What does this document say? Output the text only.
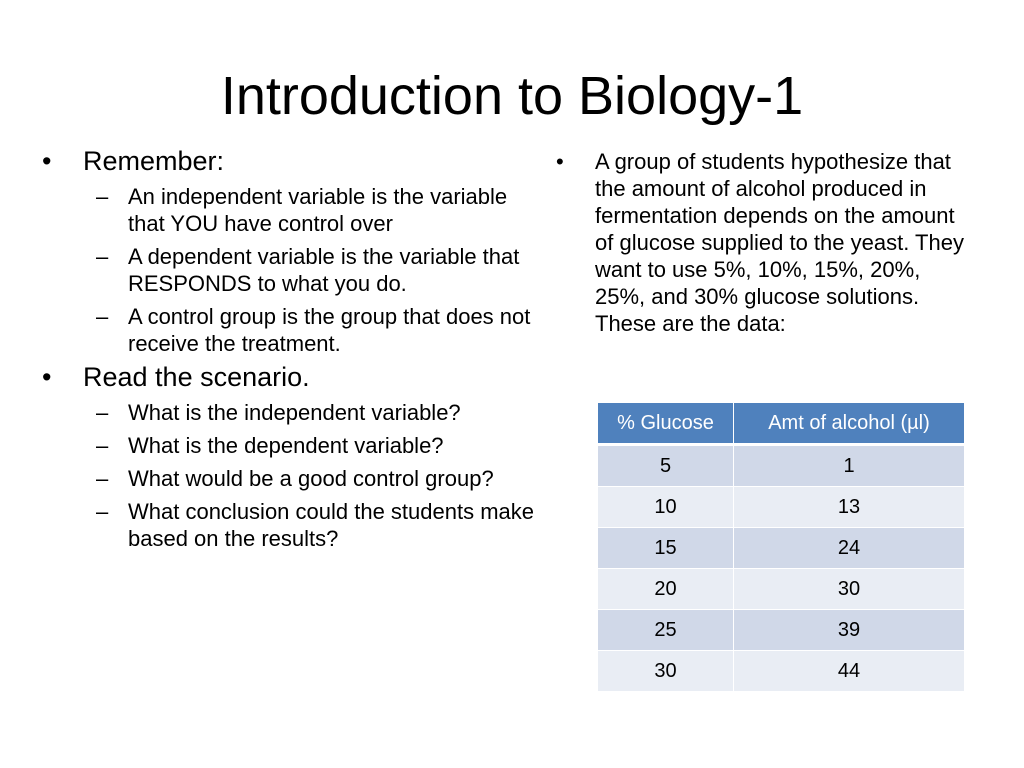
Introduction to Biology-1
•	Remember:
– An independent variable is the variable that YOU have control over
– A dependent variable is the variable that RESPONDS to what you do.
– A control group is the group that does not receive the treatment.
•	Read the scenario.
– What is the independent variable?
– What is the dependent variable?
– What would be a good control group?
– What conclusion could the students make based on the results?
•	A group of students hypothesize that the amount of alcohol produced in fermentation depends on the amount of glucose supplied to the yeast. They want to use 5%, 10%, 15%, 20%, 25%, and 30% glucose solutions. These are the data:
% Glucose	Amt of alcohol (µl)
5	1
10	13
15	24
20	30
25	39
30	44
